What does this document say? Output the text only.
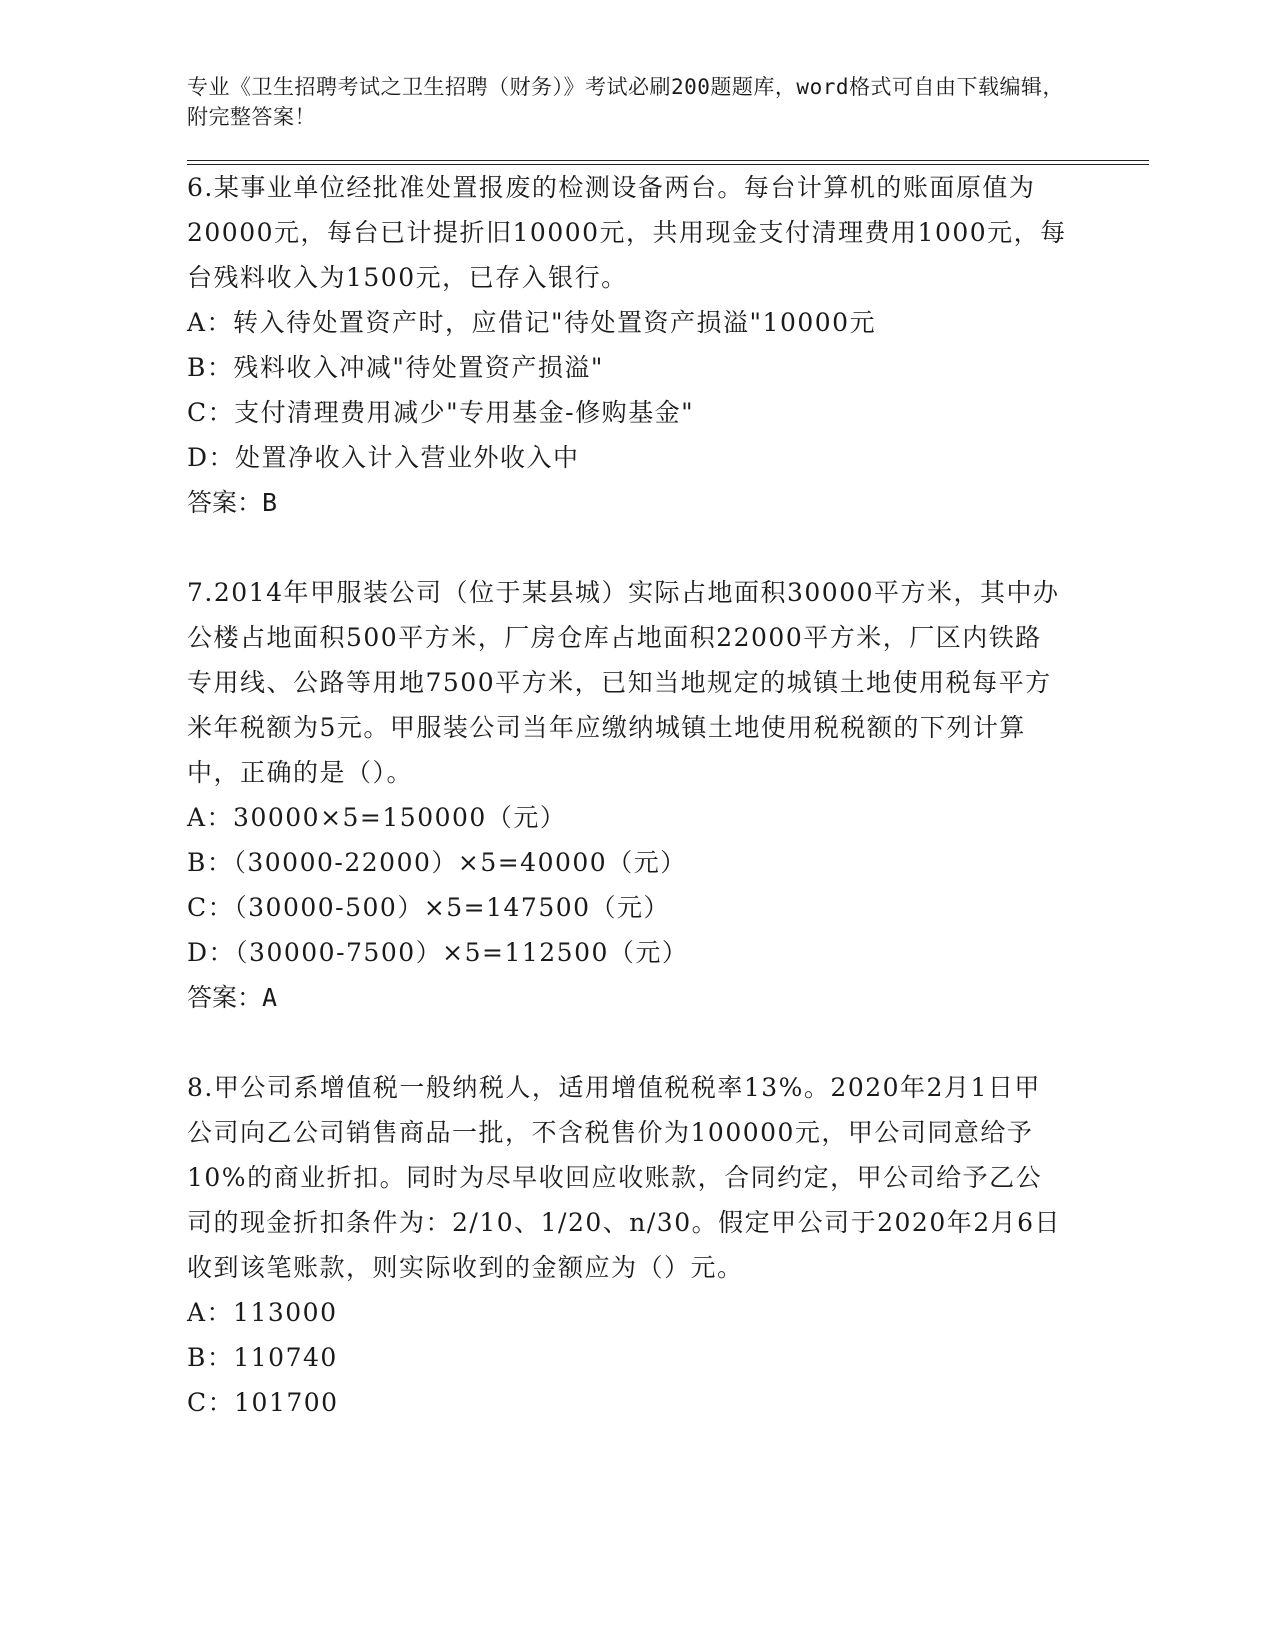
专业《卫生招聘考试之卫生招聘（财务）》考试必刷200题题库，word格式可自由下载编辑，附完整答案！
6.某事业单位经批准处置报废的检测设备两台。每台计算机的账面原值为20000元，每台已计提折旧10000元，共用现金支付清理费用1000元，每台残料收入为1500元，已存入银行。
A：转入待处置资产时，应借记"待处置资产损溢"10000元
B：残料收入冲减"待处置资产损溢"
C：支付清理费用减少"专用基金-修购基金"
D：处置净收入计入营业外收入中
答案：B
7.2014年甲服装公司（位于某县城）实际占地面积30000平方米，其中办公楼占地面积500平方米，厂房仓库占地面积22000平方米，厂区内铁路专用线、公路等用地7500平方米，已知当地规定的城镇土地使用税每平方米年税额为5元。甲服装公司当年应缴纳城镇土地使用税税额的下列计算中，正确的是（）。
A：30000×5=150000（元）
B：（30000-22000）×5=40000（元）
C：（30000-500）×5=147500（元）
D：（30000-7500）×5=112500（元）
答案：A
8.甲公司系增值税一般纳税人，适用增值税税率13%。2020年2月1日甲公司向乙公司销售商品一批，不含税售价为100000元，甲公司同意给予10%的商业折扣。同时为尽早收回应收账款，合同约定，甲公司给予乙公司的现金折扣条件为：2/10、1/20、n/30。假定甲公司于2020年2月6日收到该笔账款，则实际收到的金额应为（）元。
A：113000
B：110740
C：101700
